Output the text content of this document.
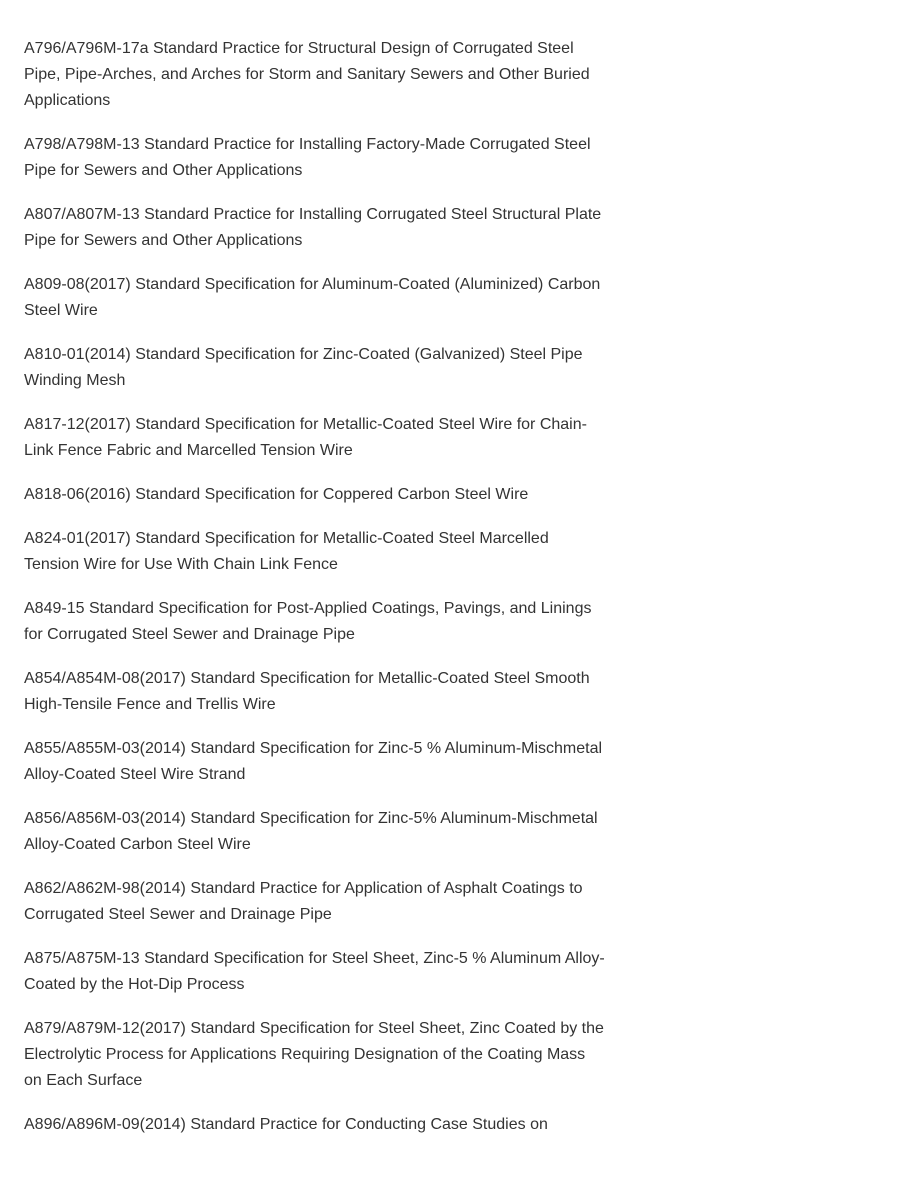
A796/A796M-17a Standard Practice for Structural Design of Corrugated Steel
Pipe, Pipe-Arches, and Arches for Storm and Sanitary Sewers and Other Buried
Applications
A798/A798M-13 Standard Practice for Installing Factory-Made Corrugated Steel
Pipe for Sewers and Other Applications
A807/A807M-13 Standard Practice for Installing Corrugated Steel Structural Plate
Pipe for Sewers and Other Applications
A809-08(2017) Standard Specification for Aluminum-Coated (Aluminized) Carbon
Steel Wire
A810-01(2014) Standard Specification for Zinc-Coated (Galvanized) Steel Pipe
Winding Mesh
A817-12(2017) Standard Specification for Metallic-Coated Steel Wire for Chain-
Link Fence Fabric and Marcelled Tension Wire
A818-06(2016) Standard Specification for Coppered Carbon Steel Wire
A824-01(2017) Standard Specification for Metallic-Coated Steel Marcelled
Tension Wire for Use With Chain Link Fence
A849-15 Standard Specification for Post-Applied Coatings, Pavings, and Linings
for Corrugated Steel Sewer and Drainage Pipe
A854/A854M-08(2017) Standard Specification for Metallic-Coated Steel Smooth
High-Tensile Fence and Trellis Wire
A855/A855M-03(2014) Standard Specification for Zinc-5 % Aluminum-Mischmetal
Alloy-Coated Steel Wire Strand
A856/A856M-03(2014) Standard Specification for Zinc-5% Aluminum-Mischmetal
Alloy-Coated Carbon Steel Wire
A862/A862M-98(2014) Standard Practice for Application of Asphalt Coatings to
Corrugated Steel Sewer and Drainage Pipe
A875/A875M-13 Standard Specification for Steel Sheet, Zinc-5 % Aluminum Alloy-
Coated by the Hot-Dip Process
A879/A879M-12(2017) Standard Specification for Steel Sheet, Zinc Coated by the
Electrolytic Process for Applications Requiring Designation of the Coating Mass
on Each Surface
A896/A896M-09(2014) Standard Practice for Conducting Case Studies on
